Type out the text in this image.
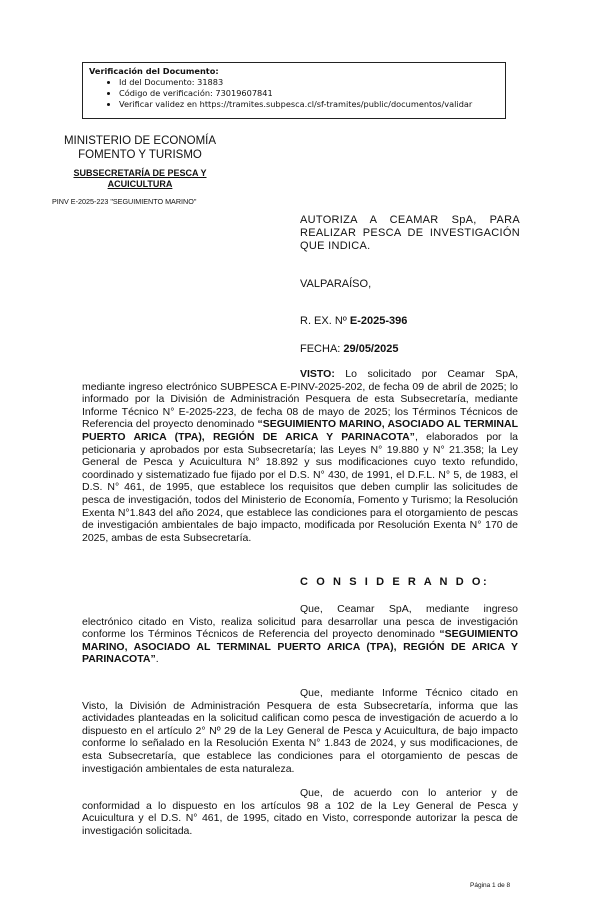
Verificación del Documento:
• Id del Documento: 31883
• Código de verificación: 73019607841
• Verificar validez en https://tramites.subpesca.cl/sf-tramites/public/documentos/validar
MINISTERIO DE ECONOMÍA
FOMENTO Y TURISMO
SUBSECRETARÍA DE PESCA Y
ACUICULTURA
PINV E-2025-223 "SEGUIMIENTO MARINO"
AUTORIZA A CEAMAR SpA, PARA REALIZAR PESCA DE INVESTIGACIÓN QUE INDICA.
VALPARAÍSO,
R. EX. Nº E-2025-396
FECHA: 29/05/2025
VISTO: Lo solicitado por Ceamar SpA, mediante ingreso electrónico SUBPESCA E-PINV-2025-202, de fecha 09 de abril de 2025; lo informado por la División de Administración Pesquera de esta Subsecretaría, mediante Informe Técnico N° E-2025-223, de fecha 08 de mayo de 2025; los Términos Técnicos de Referencia del proyecto denominado “SEGUIMIENTO MARINO, ASOCIADO AL TERMINAL PUERTO ARICA (TPA), REGIÓN DE ARICA Y PARINACOTA”, elaborados por la peticionaria y aprobados por esta Subsecretaría; las Leyes N° 19.880 y N° 21.358; la Ley General de Pesca y Acuicultura N° 18.892 y sus modificaciones cuyo texto refundido, coordinado y sistematizado fue fijado por el D.S. N° 430, de 1991, el D.F.L. N° 5, de 1983, el D.S. N° 461, de 1995, que establece los requisitos que deben cumplir las solicitudes de pesca de investigación, todos del Ministerio de Economía, Fomento y Turismo; la Resolución Exenta N°1.843 del año 2024, que establece las condiciones para el otorgamiento de pescas de investigación ambientales de bajo impacto, modificada por Resolución Exenta N° 170 de 2025, ambas de esta Subsecretaría.
C O N S I D E R A N D O:
Que, Ceamar SpA, mediante ingreso electrónico citado en Visto, realiza solicitud para desarrollar una pesca de investigación conforme los Términos Técnicos de Referencia del proyecto denominado “SEGUIMIENTO MARINO, ASOCIADO AL TERMINAL PUERTO ARICA (TPA), REGIÓN DE ARICA Y PARINACOTA”.
Que, mediante Informe Técnico citado en Visto, la División de Administración Pesquera de esta Subsecretaría, informa que las actividades planteadas en la solicitud califican como pesca de investigación de acuerdo a lo dispuesto en el artículo 2° Nº 29 de la Ley General de Pesca y Acuicultura, de bajo impacto conforme lo señalado en la Resolución Exenta N° 1.843 de 2024, y sus modificaciones, de esta Subsecretaría, que establece las condiciones para el otorgamiento de pescas de investigación ambientales de esta naturaleza.
Que, de acuerdo con lo anterior y de conformidad a lo dispuesto en los artículos 98 a 102 de la Ley General de Pesca y Acuicultura y el D.S. N° 461, de 1995, citado en Visto, corresponde autorizar la pesca de investigación solicitada.
Página 1 de 8
